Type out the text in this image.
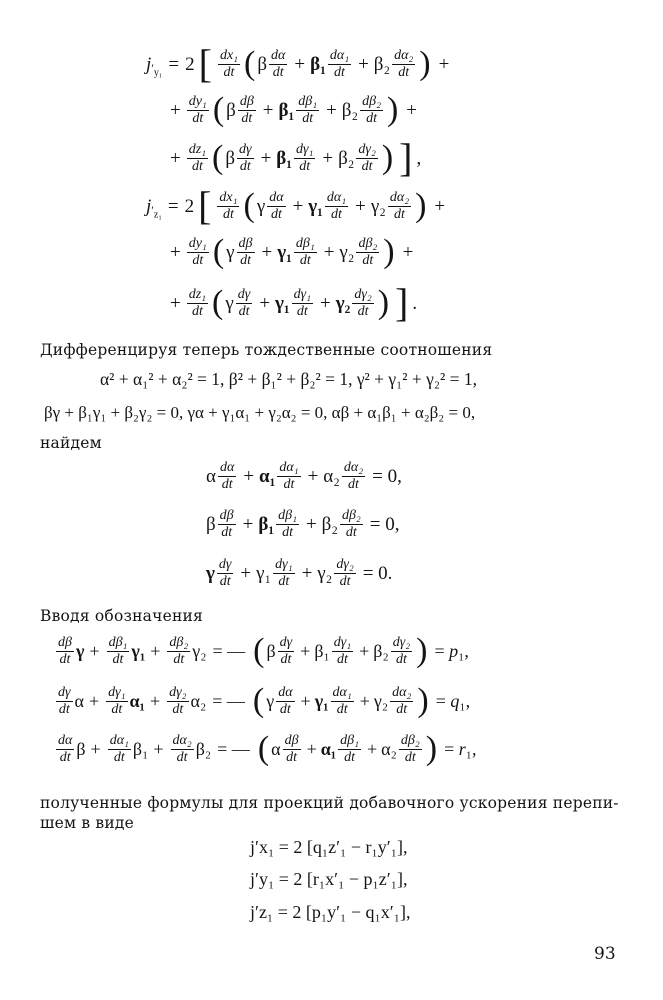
j $'_{y_1} = 2$ [ $\frac{\text{dx₁}}{dt}$ ( β $\frac{d\alpha}{dt} + \beta_1 \frac{\text{dα₁}}{dt} + \beta_2 \frac{\text{dα₂}}{dt}$ ) +
+ $\frac{\text{dy₁}}{dt}$ ( β $\frac{d\beta}{dt} + \beta_1 \frac{\text{dβ₁}}{dt} + \beta_2 \frac{\text{dβ₂}}{dt}$ ) +
+ $\frac{\text{dz₁}}{dt}$ ( β $\frac{d\gamma}{dt} + \beta_1 \frac{\text{dγ₁}}{dt} + \beta_2 \frac{\text{dγ₂}}{dt}$ ) ] ,
j $'_{z_1} = 2$ [ $\frac{\text{dx₁}}{dt}$ ( γ $\frac{d\alpha}{dt} + \gamma_1 \frac{\text{dα₁}}{dt} + \gamma_2 \frac{\text{dα₂}}{dt}$ ) +
+ $\frac{\text{dy₁}}{dt}$ ( γ $\frac{d\beta}{dt} + \gamma_1 \frac{\text{dβ₁}}{dt} + \gamma_2 \frac{\text{dβ₂}}{dt}$ ) +
+ $\frac{\text{dz₁}}{dt}$ ( γ $\frac{d\gamma}{dt} + \gamma_1 \frac{\text{dγ₁}}{dt} + \gamma_2 \frac{\text{dγ₂}}{dt}$ ) ] .
Дифференцируя теперь тождественные соотношения
α² + α₁² + α₂² = 1, β² + β₁² + β₂² = 1, γ² + γ₁² + γ₂² = 1,
βγ + β₁γ₁ + β₂γ₂ = 0, γα + γ₁α₁ + γ₂α₂ = 0, αβ + α₁β₁ + α₂β₂ = 0,
найдем
α $\frac{d\alpha}{dt} + \alpha_1 \frac{\text{dα₁}}{dt} + \alpha_2 \frac{\text{dα₂}}{dt} = 0$,
β $\frac{d\beta}{dt} + \beta_1 \frac{\text{dβ₁}}{dt} + \beta_2 \frac{\text{dβ₂}}{dt} = 0$,
γ $\frac{d\gamma}{dt} + \gamma_1 \frac{\text{dγ₁}}{dt} + \gamma_2 \frac{\text{dγ₂}}{dt} = 0$.
Вводя обозначения
$\frac{d\beta}{dt}$ $\gamma + \frac{\text{dβ₁}}{dt} \gamma_1 + \frac{\text{dβ₂}}{dt} \gamma_2$ = — ( β $\frac{d\gamma}{dt} + \beta_1 \frac{\text{dγ₁}}{dt} + \beta_2 \frac{\text{dγ₂}}{dt}$ ) = p₁,
$\frac{d\gamma}{dt}$ $\alpha + \frac{\text{dγ₁}}{dt} \alpha_1 + \frac{\text{dγ₂}}{dt} \alpha_2$ = — ( γ $\frac{d\alpha}{dt} + \gamma_1 \frac{\text{dα₁}}{dt} + \gamma_2 \frac{\text{dα₂}}{dt}$ ) = q₁,
$\frac{d\alpha}{dt}$ $\beta + \frac{\text{dα₁}}{dt} \beta_1 + \frac{\text{dα₂}}{dt} \beta_2$ = — ( α $\frac{d\beta}{dt} + \alpha_1 \frac{\text{dβ₁}}{dt} + \alpha_2 \frac{\text{dβ₂}}{dt}$ ) = r₁,
полученные формулы для проекций добавочного ускорения перепи-
шем в виде
j′x₁ = 2 [q₁z′₁ − r₁y′₁],
j′y₁ = 2 [r₁x′₁ − p₁z′₁],
j′z₁ = 2 [p₁y′₁ − q₁x′₁],
93
